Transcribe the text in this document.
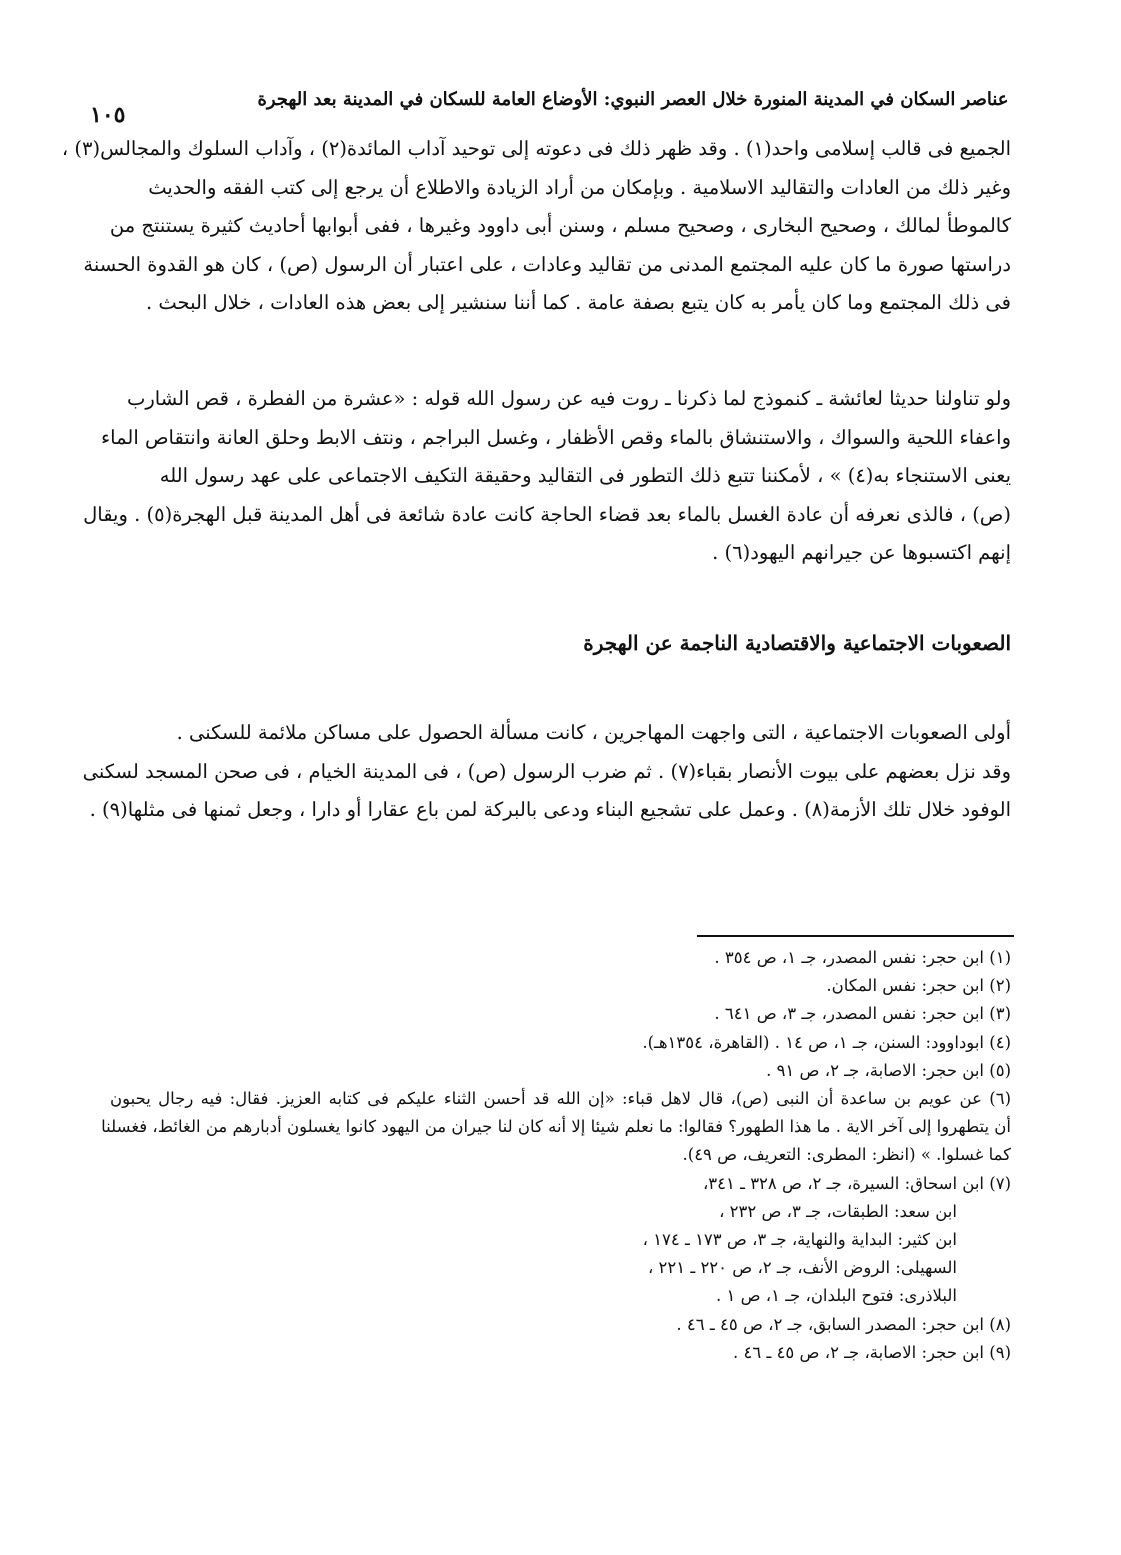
عناصر السكان في المدينة المنورة خلال العصر النبوي: الأوضاع العامة للسكان في المدينة بعد الهجرة
١٠٥
الجميع فى قالب إسلامى واحد(١) . وقد ظهر ذلك فى دعوته إلى توحيد آداب المائدة(٢) ، وآداب السلوك والمجالس(٣) ،
وغير ذلك من العادات والتقاليد الاسلامية . وبإمكان من أراد الزيادة والاطلاع أن يرجع إلى كتب الفقه والحديث
كالموطأ لمالك ، وصحيح البخارى ، وصحيح مسلم ، وسنن أبى داوود وغيرها ، ففى أبوابها أحاديث كثيرة يستنتج من
دراستها صورة ما كان عليه المجتمع المدنى من تقاليد وعادات ، على اعتبار أن الرسول (ص) ، كان هو القدوة الحسنة
فى ذلك المجتمع وما كان يأمر به كان يتبع بصفة عامة . كما أننا سنشير إلى بعض هذه العادات ، خلال البحث .
ولو تناولنا حديثا لعائشة ـ كنموذج لما ذكرنا ـ روت فيه عن رسول الله قوله : «عشرة من الفطرة ، قص الشارب
واعفاء اللحية والسواك ، والاستنشاق بالماء وقص الأظفار ، وغسل البراجم ، ونتف الابط وحلق العانة وانتقاص الماء
يعنى الاستنجاء به(٤) » ، لأمكننا تتبع ذلك التطور فى التقاليد وحقيقة التكيف الاجتماعى على عهد رسول الله
(ص) ، فالذى نعرفه أن عادة الغسل بالماء بعد قضاء الحاجة كانت عادة شائعة فى أهل المدينة قبل الهجرة(٥) . ويقال
إنهم اكتسبوها عن جيرانهم اليهود(٦) .
الصعوبات الاجتماعية والاقتصادية الناجمة عن الهجرة
أولى الصعوبات الاجتماعية ، التى واجهت المهاجرين ، كانت مسألة الحصول على مساكن ملائمة للسكنى .
وقد نزل بعضهم على بيوت الأنصار بقباء(٧) . ثم ضرب الرسول (ص) ، فى المدينة الخيام ، فى صحن المسجد لسكنى
الوفود خلال تلك الأزمة(٨) . وعمل على تشجيع البناء ودعى بالبركة لمن باع عقارا أو دارا ، وجعل ثمنها فى مثلها(٩) .
(١) ابن حجر: نفس المصدر، جـ ١، ص ٣٥٤ .
(٢) ابن حجر: نفس المكان.
(٣) ابن حجر: نفس المصدر، جـ ٣، ص ٦٤١ .
(٤) ابوداوود: السنن، جـ ١، ص ١٤ . (القاهرة، ١٣٥٤هـ).
(٥) ابن حجر: الاصابة، جـ ٢، ص ٩١ .
(٦) عن عويم بن ساعدة أن النبى (ص)، قال لاهل قباء: «إن الله قد أحسن الثناء عليكم فى كتابه العزيز. فقال: فيه رجال يحبون
أن يتطهروا إلى آخر الاية . ما هذا الطهور؟ فقالوا: ما نعلم شيئا إلا أنه كان لنا جيران من اليهود كانوا يغسلون أدبارهم من الغائط، فغسلنا
كما غسلوا. » (انظر: المطرى: التعريف، ص ٤٩).
(٧) ابن اسحاق: السيرة، جـ ٢، ص ٣٢٨ ـ ٣٤١،
ابن سعد: الطبقات، جـ ٣، ص ٢٣٢ ،
ابن كثير: البداية والنهاية، جـ ٣، ص ١٧٣ ـ ١٧٤ ،
السهيلى: الروض الأنف، جـ ٢، ص ٢٢٠ ـ ٢٢١ ،
البلاذرى: فتوح البلدان، جـ ١، ص ١ .
(٨) ابن حجر: المصدر السابق، جـ ٢، ص ٤٥ ـ ٤٦ .
(٩) ابن حجر: الاصابة، جـ ٢، ص ٤٥ ـ ٤٦ .
